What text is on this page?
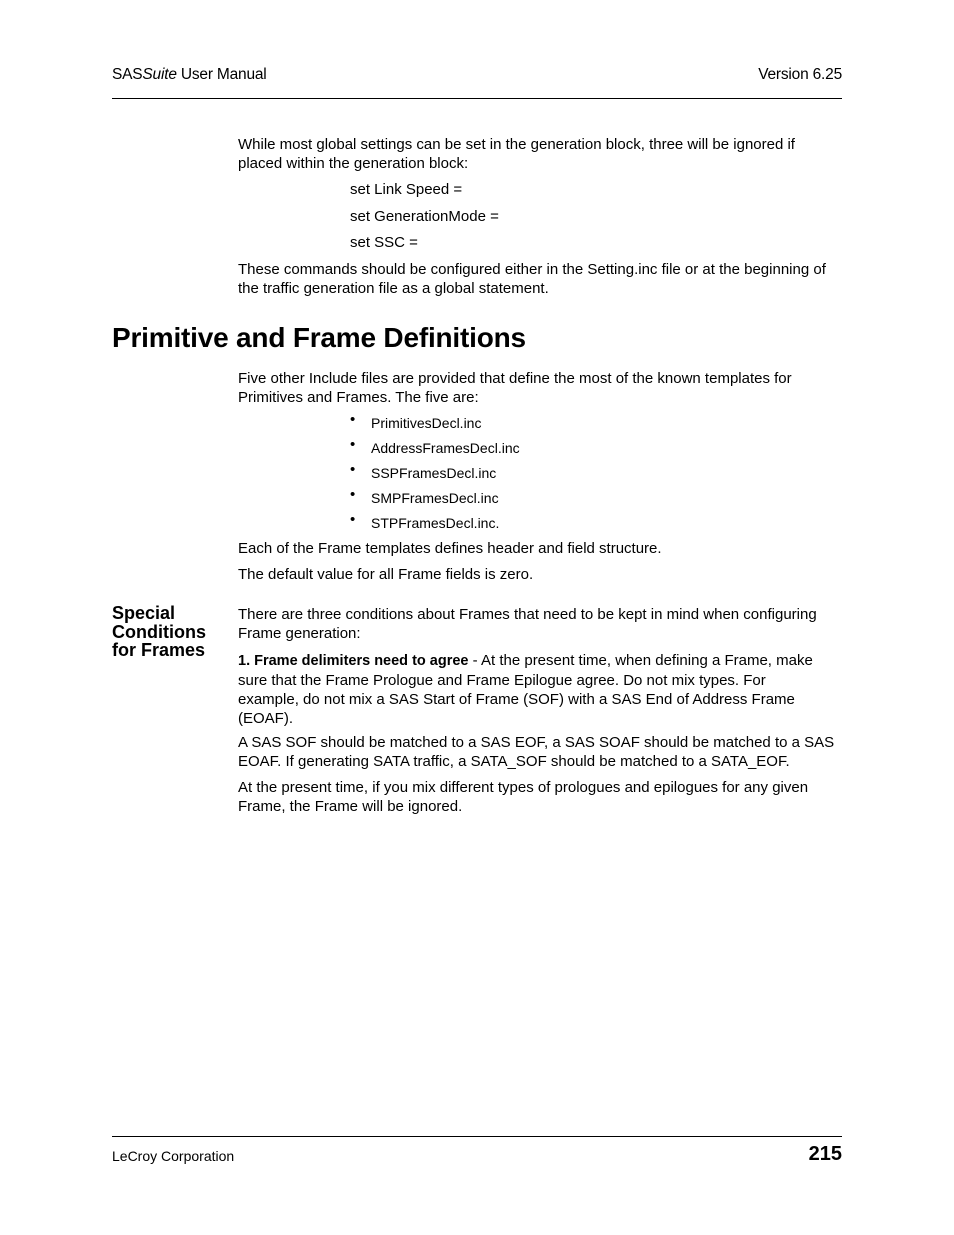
SASSuite User Manual	Version 6.25
While most global settings can be set in the generation block, three will be ignored if
placed within the generation block:
set Link Speed =
set GenerationMode =
set SSC =
These commands should be configured either in the Setting.inc file or at the beginning of
the traffic generation file as a global statement.
Primitive and Frame Definitions
Five other Include files are provided that define the most of the known templates for
Primitives and Frames. The five are:
• PrimitivesDecl.inc
• AddressFramesDecl.inc
• SSPFramesDecl.inc
• SMPFramesDecl.inc
• STPFramesDecl.inc.
Each of the Frame templates defines header and field structure.
The default value for all Frame fields is zero.
Special
Conditions
for Frames
There are three conditions about Frames that need to be kept in mind when configuring
Frame generation:
1. Frame delimiters need to agree - At the present time, when defining a Frame, make
sure that the Frame Prologue and Frame Epilogue agree. Do not mix types. For
example, do not mix a SAS Start of Frame (SOF) with a SAS End of Address Frame
(EOAF).
A SAS SOF should be matched to a SAS EOF, a SAS SOAF should be matched to a SAS
EOAF. If generating SATA traffic, a SATA_SOF should be matched to a SATA_EOF.
At the present time, if you mix different types of prologues and epilogues for any given
Frame, the Frame will be ignored.
LeCroy Corporation	215
